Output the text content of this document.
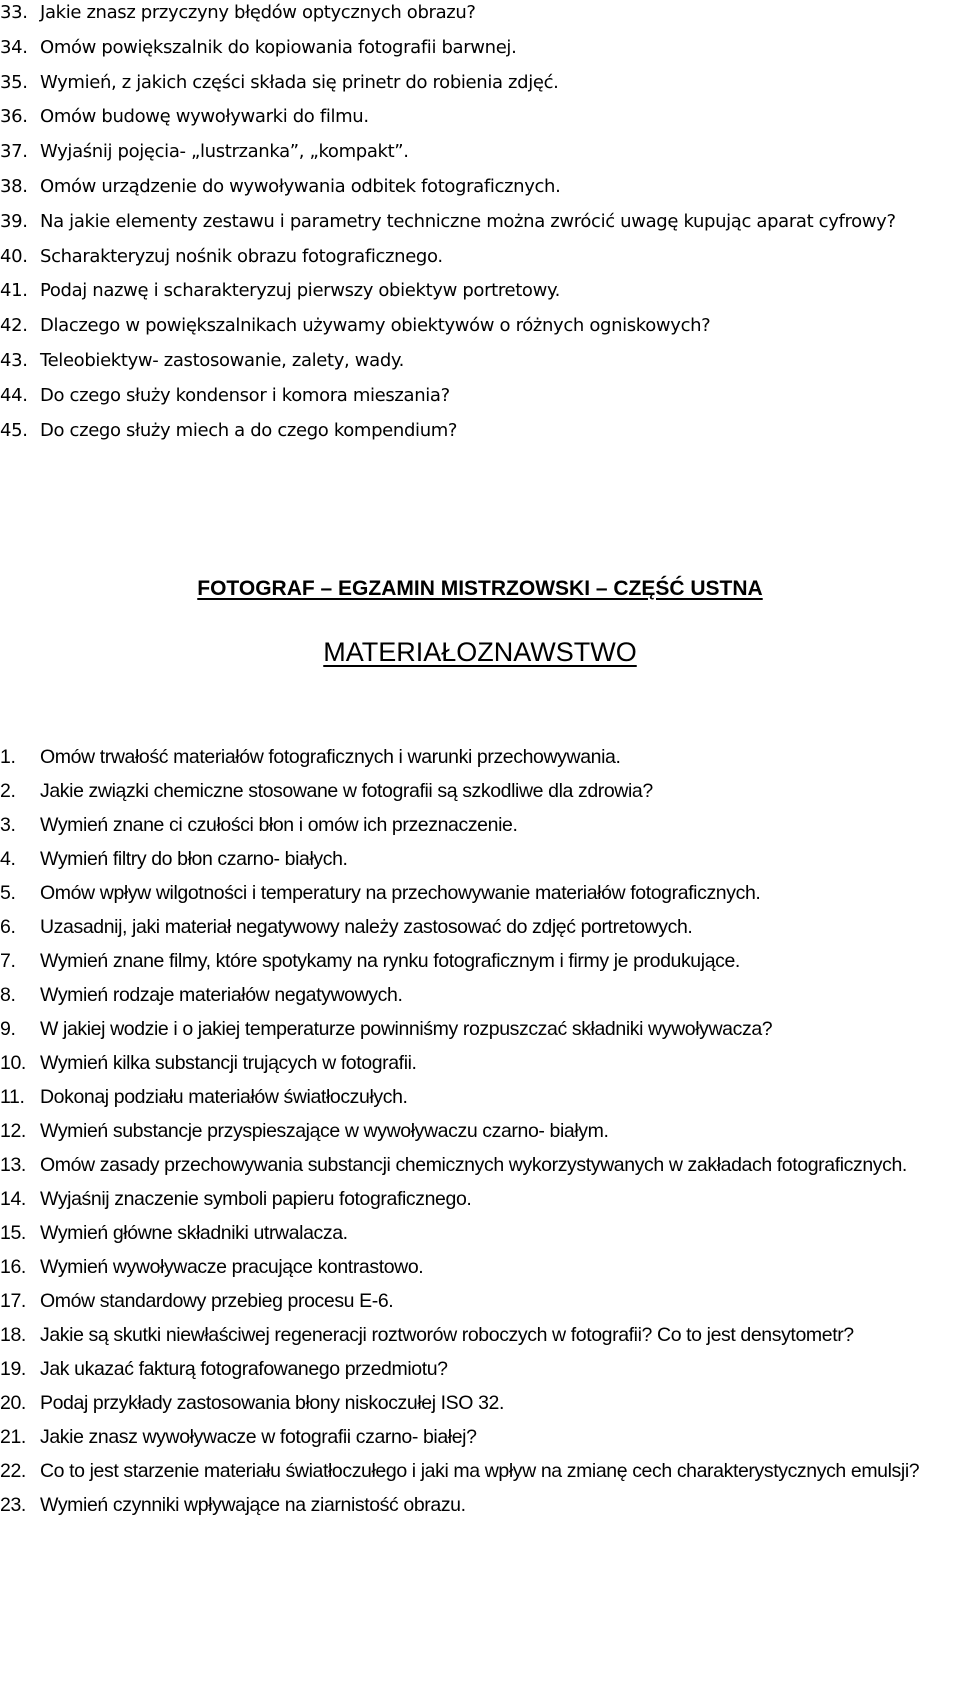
33. Jakie znasz przyczyny błędów optycznych obrazu?
34. Omów powiększalnik do kopiowania fotografii barwnej.
35. Wymień, z jakich części składa się prinetr do robienia zdjęć.
36. Omów budowę wywoływarki do filmu.
37. Wyjaśnij pojęcia- „lustrzanka”, „kompakt”.
38. Omów urządzenie do wywoływania odbitek fotograficznych.
39. Na jakie elementy zestawu i parametry techniczne można zwrócić uwagę kupując aparat cyfrowy?
40. Scharakteryzuj nośnik obrazu fotograficznego.
41. Podaj nazwę i scharakteryzuj pierwszy obiektyw portretowy.
42. Dlaczego w powiększalnikach używamy obiektywów o różnych ogniskowych?
43. Teleobiektyw- zastosowanie, zalety, wady.
44. Do czego służy kondensor i komora mieszania?
45. Do czego służy miech a do czego kompendium?
FOTOGRAF – EGZAMIN MISTRZOWSKI – CZĘŚĆ USTNA
MATERIAŁOZNAWSTWO
1.	Omów trwałość materiałów fotograficznych i warunki przechowywania.
2.	Jakie związki chemiczne stosowane w fotografii są szkodliwe dla zdrowia?
3.	Wymień znane ci czułości błon i omów ich przeznaczenie.
4.	Wymień filtry do błon czarno- białych.
5.	Omów wpływ wilgotności i temperatury na przechowywanie materiałów fotograficznych.
6.	Uzasadnij, jaki materiał negatywowy należy zastosować do zdjęć portretowych.
7.	Wymień znane filmy, które spotykamy na rynku fotograficznym i firmy je produkujące.
8.	Wymień rodzaje materiałów negatywowych.
9.	W jakiej wodzie i o jakiej temperaturze powinniśmy rozpuszczać składniki wywoływacza?
10. Wymień kilka substancji trujących w fotografii.
11. Dokonaj podziału materiałów światłoczułych.
12. Wymień substancje przyspieszające w wywoływaczu czarno- białym.
13. Omów zasady przechowywania substancji chemicznych wykorzystywanych w zakładach fotograficznych.
14. Wyjaśnij znaczenie symboli papieru fotograficznego.
15. Wymień główne składniki utrwalacza.
16. Wymień wywoływacze pracujące kontrastowo.
17. Omów standardowy przebieg procesu E-6.
18. Jakie są skutki niewłaściwej regeneracji roztworów roboczych w fotografii? Co to jest densytometr?
19. Jak ukazać fakturą fotografowanego przedmiotu?
20. Podaj przykłady zastosowania błony niskoczułej ISO 32.
21. Jakie znasz wywoływacze w fotografii czarno- białej?
22. Co to jest starzenie materiału światłoczułego i jaki ma wpływ na zmianę cech charakterystycznych emulsji?
23. Wymień czynniki wpływające na ziarnistość obrazu.
